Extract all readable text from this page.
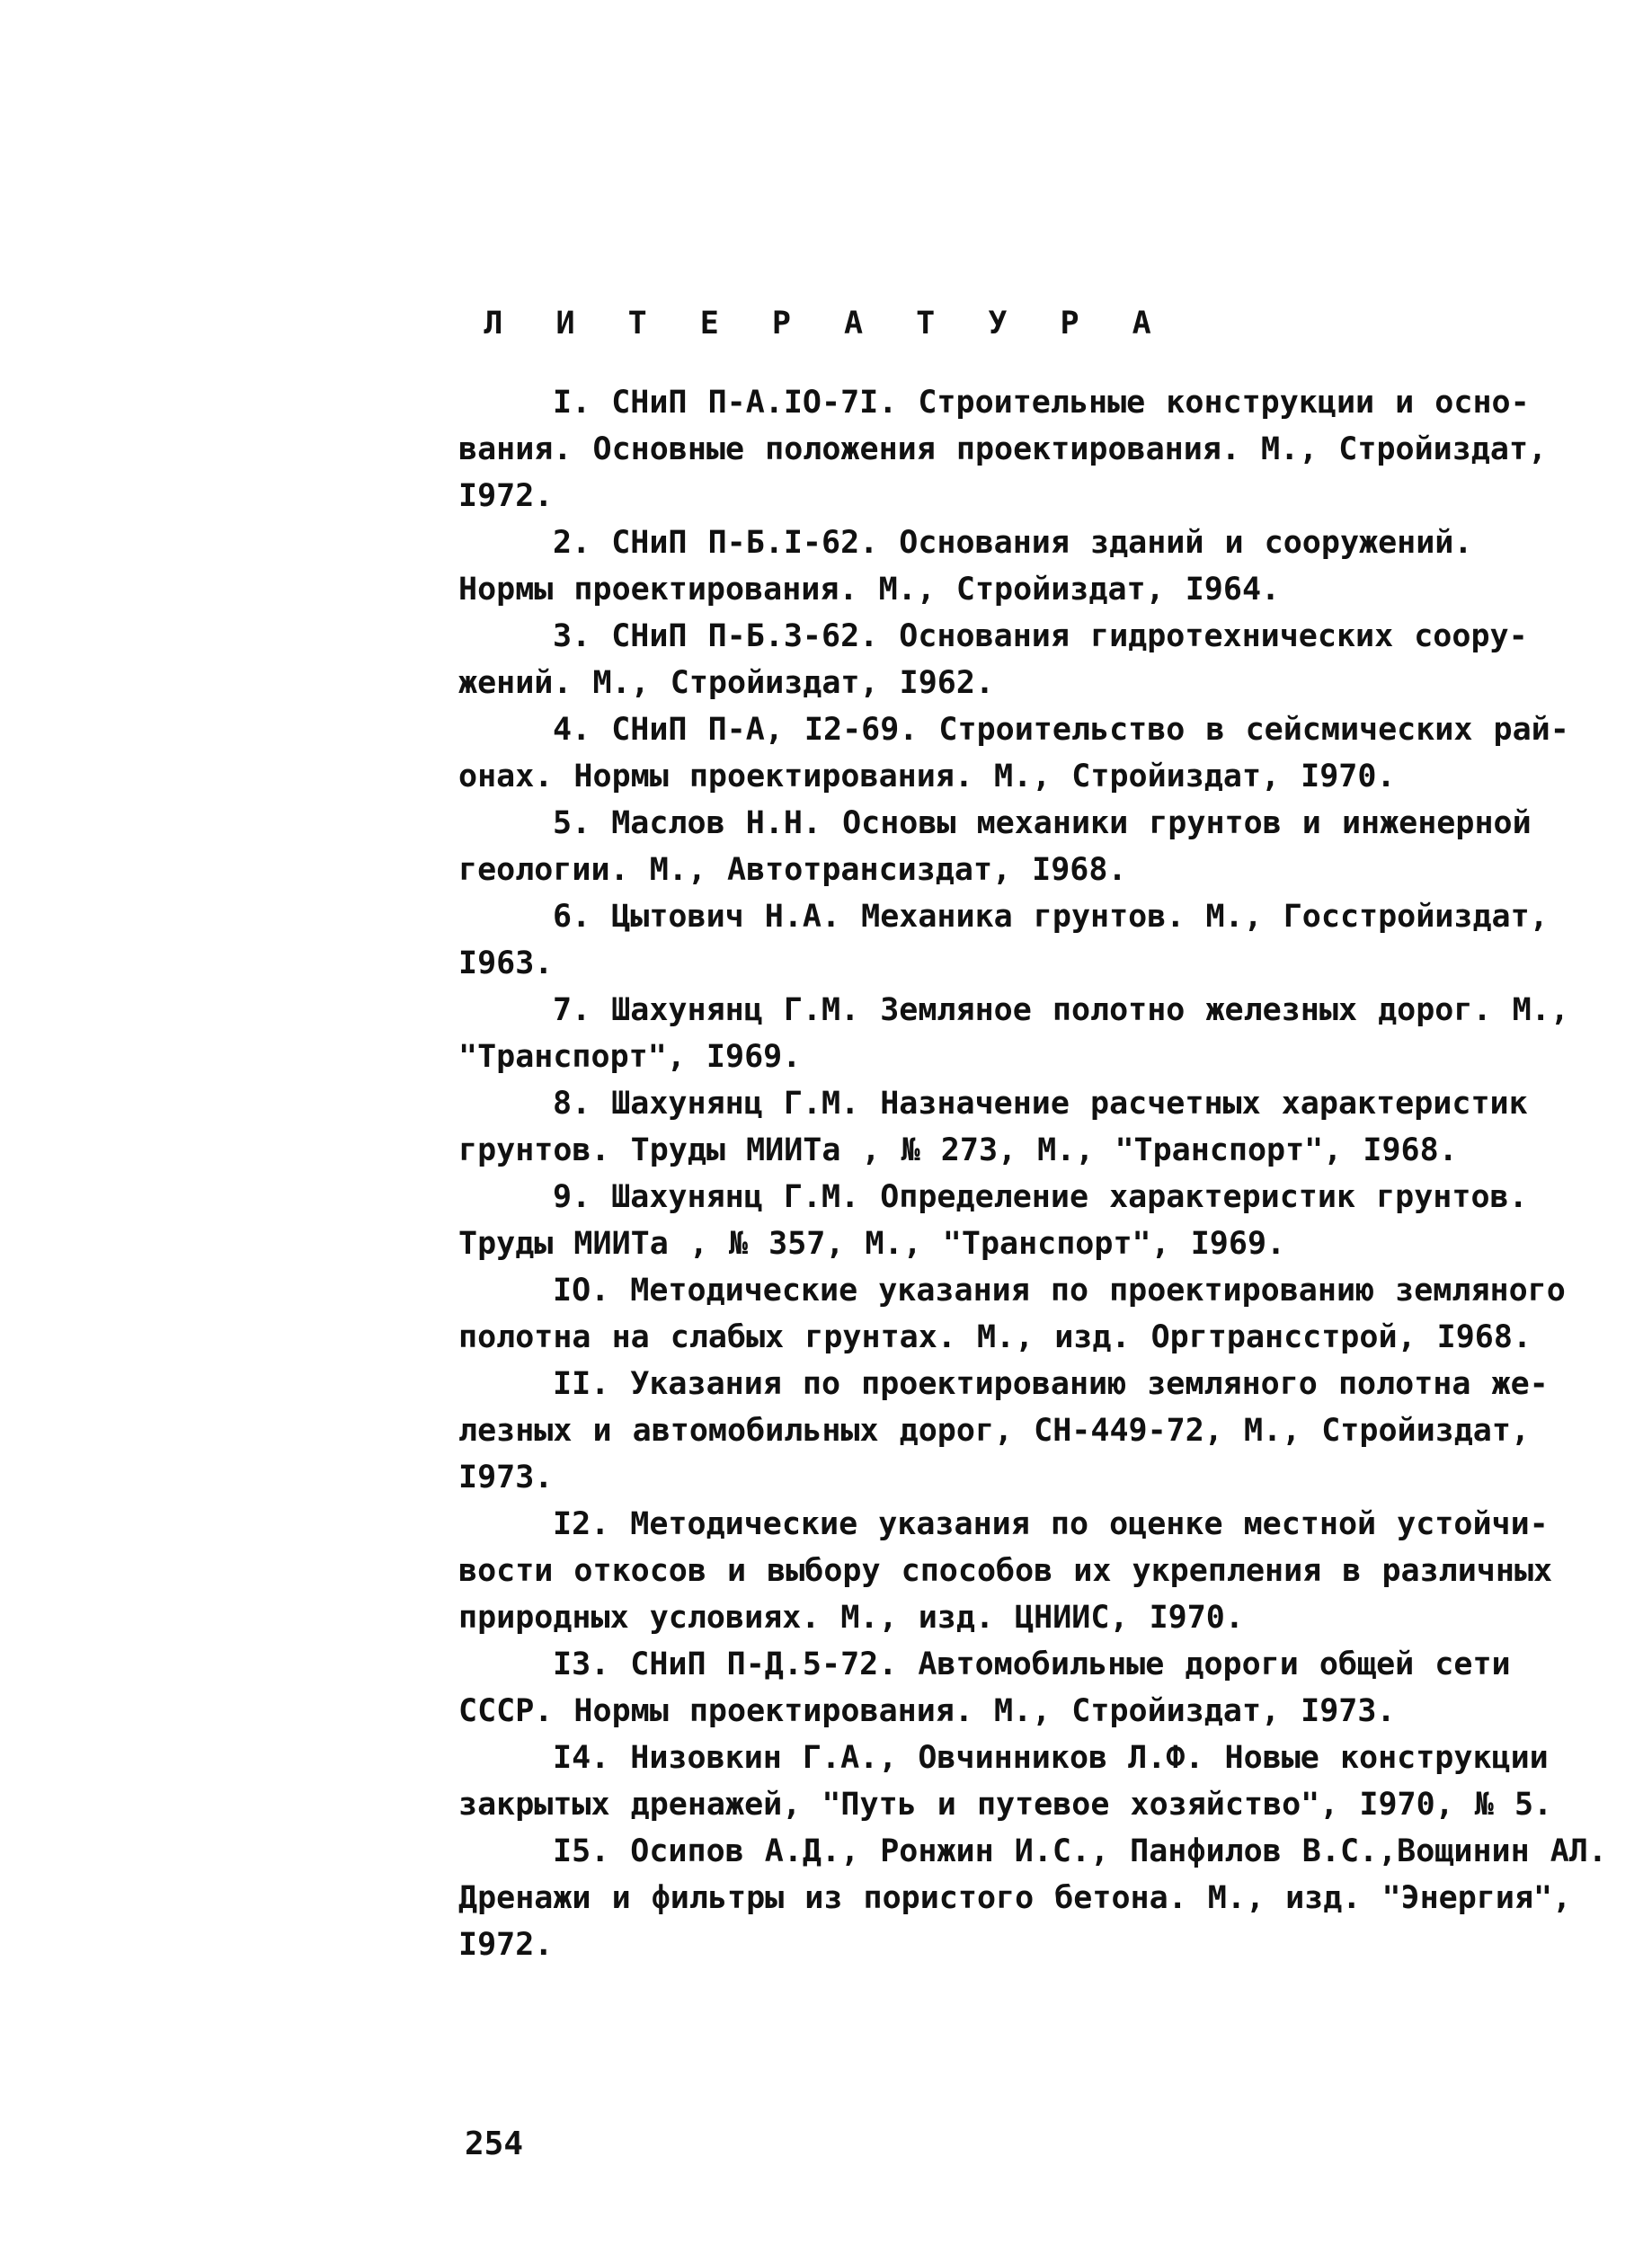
Л И Т Е Р А Т У Р А

I. СНиП П-А.IO-7I. Строительные конструкции и осно-
вания. Основные положения проектирования. М., Стройиздат,
I972.

2. СНиП П-Б.I-62. Основания зданий и сооружений.
Нормы проектирования. М., Стройиздат, I964.

3. СНиП П-Б.3-62. Основания гидротехнических соору-
жений. М., Стройиздат, I962.

4. СНиП П-А, I2-69. Строительство в сейсмических рай-
онах. Нормы проектирования. М., Стройиздат, I970.

5. Маслов Н.Н. Основы механики грунтов и инженерной
геологии. М., Автотрансиздат, I968.

6. Цытович Н.А. Механика грунтов. М., Госстройиздат,
I963.

7. Шахунянц Г.М. Земляное полотно железных дорог. М.,
"Транспорт", I969.

8. Шахунянц Г.М. Назначение расчетных характеристик
грунтов. Труды МИИТа , № 273, М., "Транспорт", I968.

9. Шахунянц Г.М. Определение характеристик грунтов.
Труды МИИТа , № 357, М., "Транспорт", I969.

IO. Методические указания по проектированию земляного
полотна на слабых грунтах. М., изд. Оргтрансстрой, I968.

II. Указания по проектированию земляного полотна же-
лезных и автомобильных дорог, СН-449-72, М., Стройиздат,
I973.

I2. Методические указания по оценке местной устойчи-
вости откосов и выбору способов их укрепления в различных
природных условиях. М., изд. ЦНИИС, I970.

I3. СНиП П-Д.5-72. Автомобильные дороги общей сети
СССР. Нормы проектирования. М., Стройиздат, I973.

I4. Низовкин Г.А., Овчинников Л.Ф. Новые конструкции
закрытых дренажей, "Путь и путевое хозяйство", I970, № 5.

I5. Осипов А.Д., Ронжин И.С., Панфилов В.С.,Вощинин АЛ.
Дренажи и фильтры из пористого бетона. М., изд. "Энергия",
I972.

254
